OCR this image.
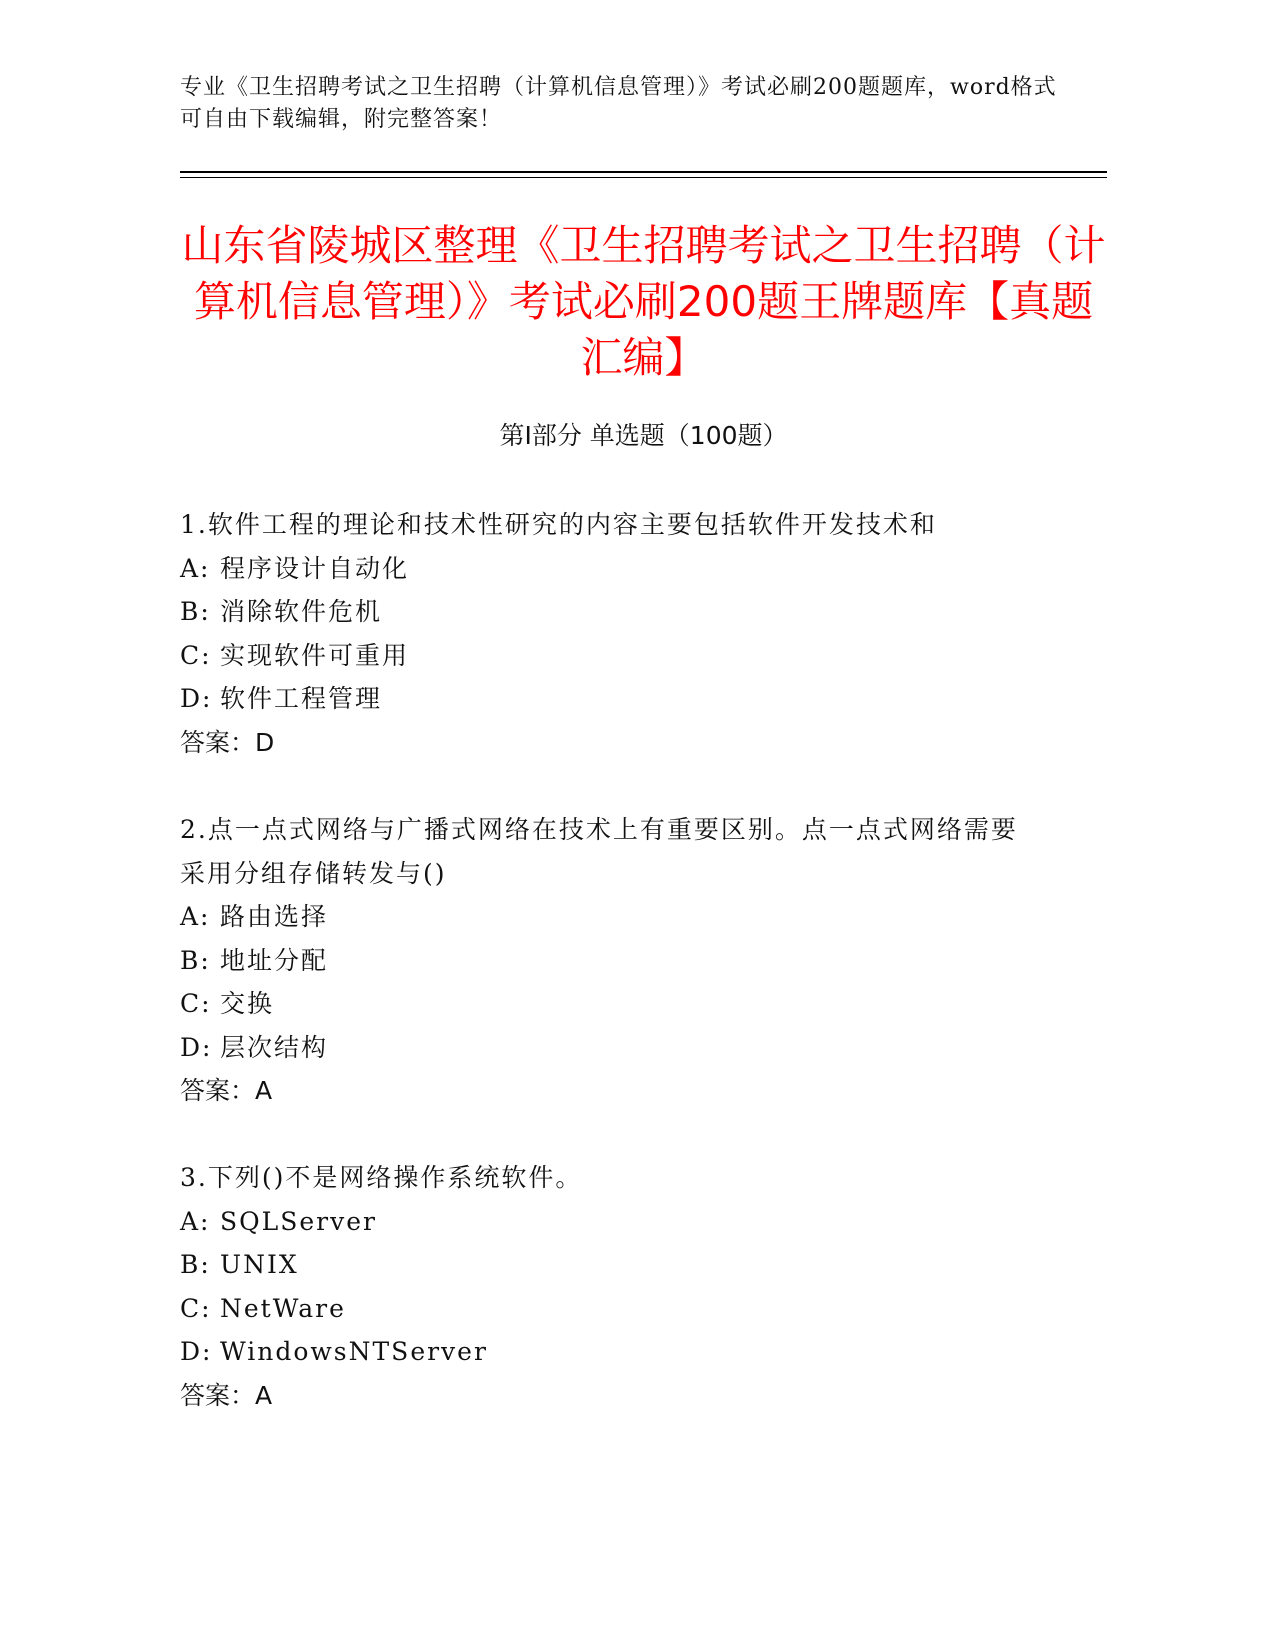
专业《卫生招聘考试之卫生招聘（计算机信息管理）》考试必刷200题题库，word格式可自由下载编辑，附完整答案！
山东省陵城区整理《卫生招聘考试之卫生招聘（计算机信息管理）》考试必刷200题王牌题库【真题汇编】
第I部分 单选题（100题）
1.软件工程的理论和技术性研究的内容主要包括软件开发技术和
A: 程序设计自动化
B: 消除软件危机
C: 实现软件可重用
D: 软件工程管理
答案：D
2.点一点式网络与广播式网络在技术上有重要区别。点一点式网络需要采用分组存储转发与()
A: 路由选择
B: 地址分配
C: 交换
D: 层次结构
答案：A
3.下列()不是网络操作系统软件。
A: SQLServer
B: UNIX
C: NetWare
D: WindowsNTServer
答案：A
